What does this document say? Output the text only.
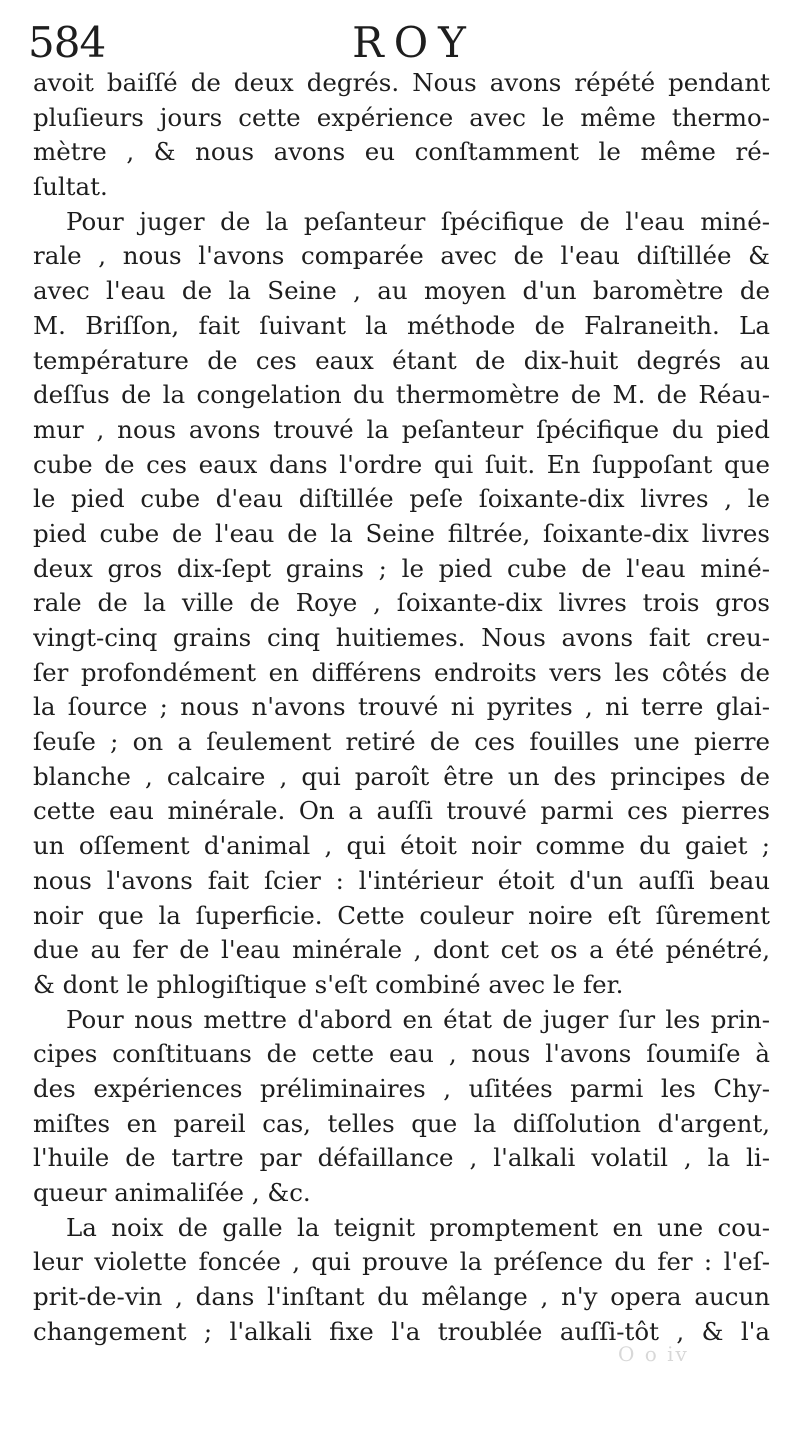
584	ROY
avoit baiſſé de deux degrés. Nous avons répété pendant
pluſieurs jours cette expérience avec le même thermo-
mètre , & nous avons eu conſtamment le même ré-
ſultat.
Pour juger de la peſanteur ſpécifique de l'eau miné-
rale , nous l'avons comparée avec de l'eau diſtillée &
avec l'eau de la Seine , au moyen d'un baromètre de
M. Briſſon, fait ſuivant la méthode de Falraneith. La
température de ces eaux étant de dix-huit degrés au
deſſus de la congelation du thermomètre de M. de Réau-
mur , nous avons trouvé la peſanteur ſpécifique du pied
cube de ces eaux dans l'ordre qui ſuit. En ſuppoſant que
le pied cube d'eau diſtillée peſe ſoixante-dix livres , le
pied cube de l'eau de la Seine filtrée, ſoixante-dix livres
deux gros dix-ſept grains ; le pied cube de l'eau miné-
rale de la ville de Roye , ſoixante-dix livres trois gros
vingt-cinq grains cinq huitiemes. Nous avons fait creu-
ſer profondément en différens endroits vers les côtés de
la ſource ; nous n'avons trouvé ni pyrites , ni terre glai-
ſeuſe ; on a ſeulement retiré de ces fouilles une pierre
blanche , calcaire , qui paroît être un des principes de
cette eau minérale. On a auſſi trouvé parmi ces pierres
un oſſement d'animal , qui étoit noir comme du gaiet ;
nous l'avons fait ſcier : l'intérieur étoit d'un auſſi beau
noir que la ſuperficie. Cette couleur noire eſt ſûrement
due au fer de l'eau minérale , dont cet os a été pénétré,
& dont le phlogiſtique s'eſt combiné avec le fer.
Pour nous mettre d'abord en état de juger ſur les prin-
cipes conſtituans de cette eau , nous l'avons ſoumiſe à
des expériences préliminaires , uſitées parmi les Chy-
miſtes en pareil cas, telles que la diſſolution d'argent,
l'huile de tartre par défaillance , l'alkali volatil , la li-
queur animaliſée , &c.
La noix de galle la teignit promptement en une cou-
leur violette foncée , qui prouve la préſence du fer : l'eſ-
prit-de-vin , dans l'inſtant du mêlange , n'y opera aucun
changement ; l'alkali fixe l'a troublée auſſi-tôt , & l'a
O o iv
